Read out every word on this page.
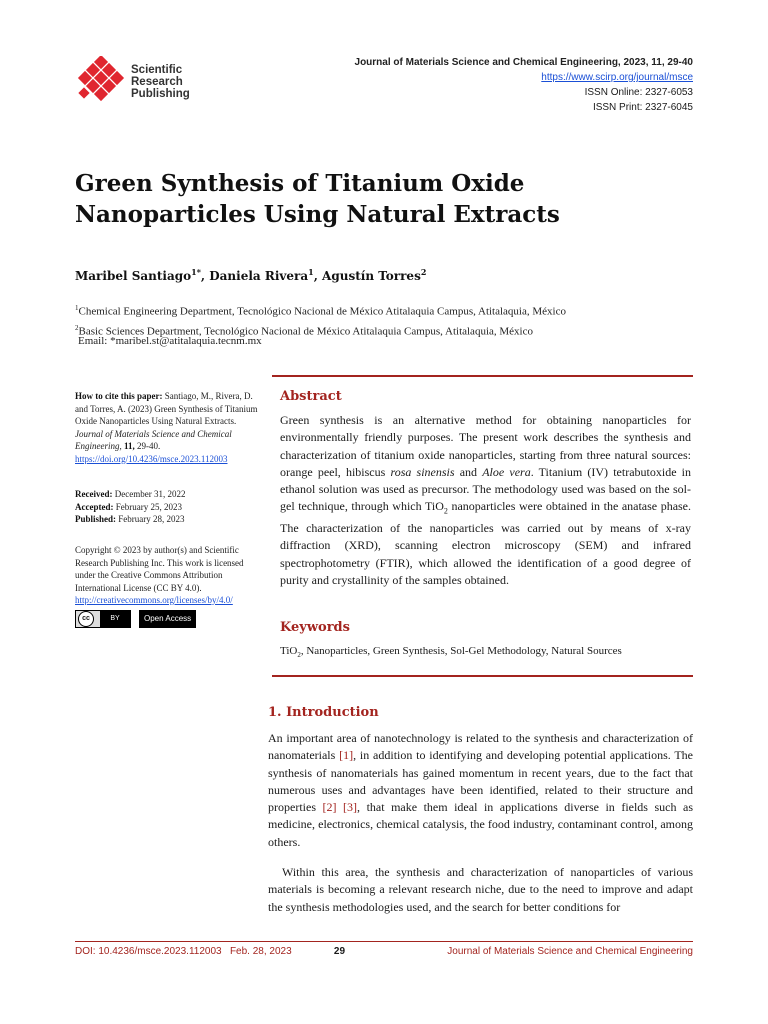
Scientific
Research
Publishing
Journal of Materials Science and Chemical Engineering, 2023, 11, 29-40
https://www.scirp.org/journal/msce
ISSN Online: 2327-6053
ISSN Print: 2327-6045
Green Synthesis of Titanium Oxide
Nanoparticles Using Natural Extracts
Maribel Santiago$^{1*}$, Daniela Rivera$^1$, Agustín Torres$^2$
$^1$Chemical Engineering Department, Tecnológico Nacional de México Atitalaquia Campus, Atitalaquia, México
$^2$Basic Sciences Department, Tecnológico Nacional de México Atitalaquia Campus, Atitalaquia, México
Email: *maribel.st@atitalaquia.tecnm.mx
How to cite this paper: Santiago, M., Rivera, D. and Torres, A. (2023) Green Synthesis of Titanium Oxide Nanoparticles Using Natural Extracts. Journal of Materials Science and Chemical Engineering, 11, 29-40.
https://doi.org/10.4236/msce.2023.112003
Received: December 31, 2022
Accepted: February 25, 2023
Published: February 28, 2023
Copyright © 2023 by author(s) and Scientific Research Publishing Inc. This work is licensed under the Creative Commons Attribution International License (CC BY 4.0).
http://creativecommons.org/licenses/by/4.0/
cc	BY	Open Access
Abstract
Green synthesis is an alternative method for obtaining nanoparticles for environmentally friendly purposes. The present work describes the synthesis and characterization of titanium oxide nanoparticles, starting from three natural sources: orange peel, hibiscus rosa sinensis and Aloe vera. Titanium (IV) tetrabutoxide in ethanol solution was used as precursor. The methodology used was based on the sol-gel technique, through which TiO$_2$ nanoparticles were obtained in the anatase phase. The characterization of the nanoparticles was carried out by means of x-ray diffraction (XRD), scanning electron microscopy (SEM) and infrared spectrophotometry (FTIR), which allowed the identification of a good degree of purity and crystallinity of the samples obtained.
Keywords
TiO$_2$, Nanoparticles, Green Synthesis, Sol-Gel Methodology, Natural Sources
1. Introduction
An important area of nanotechnology is related to the synthesis and characterization of nanomaterials [1], in addition to identifying and developing potential applications. The synthesis of nanomaterials has gained momentum in recent years, due to the fact that numerous uses and advantages have been identified, related to their structure and properties [2] [3], that make them ideal in applications diverse in fields such as medicine, electronics, chemical catalysis, the food industry, contaminant control, among others.
Within this area, the synthesis and characterization of nanoparticles of various materials is becoming a relevant research niche, due to the need to improve and adapt the synthesis methodologies used, and the search for better conditions for
DOI: 10.4236/msce.2023.112003 Feb. 28, 2023	29	Journal of Materials Science and Chemical Engineering
